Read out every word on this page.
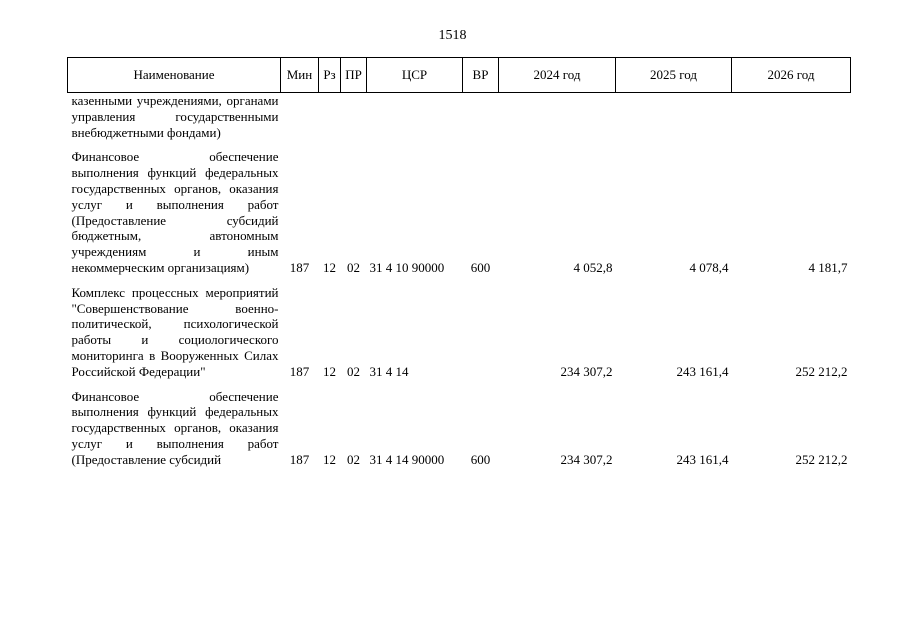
1518
Наименование	Мин	Рз	ПР	ЦСР	ВР	2024 год	2025 год	2026 год
казенными учреждениями, органами управления государственными внебюджетными фондами)								
Финансовое обеспечение выполнения функций федеральных государственных органов, оказания услуг и выполнения работ (Предоставление субсидий бюджетным, автономным учреждениям и иным некоммерческим организациям)	187	12	02	31 4 10 90000	600	4 052,8	4 078,4	4 181,7
Комплекс процессных мероприятий "Совершенствование военно-политической, психологической работы и социологического мониторинга в Вооруженных Силах Российской Федерации"	187	12	02	31 4 14		234 307,2	243 161,4	252 212,2
Финансовое обеспечение выполнения функций федеральных государственных органов, оказания услуг и выполнения работ (Предоставление субсидий	187	12	02	31 4 14 90000	600	234 307,2	243 161,4	252 212,2
